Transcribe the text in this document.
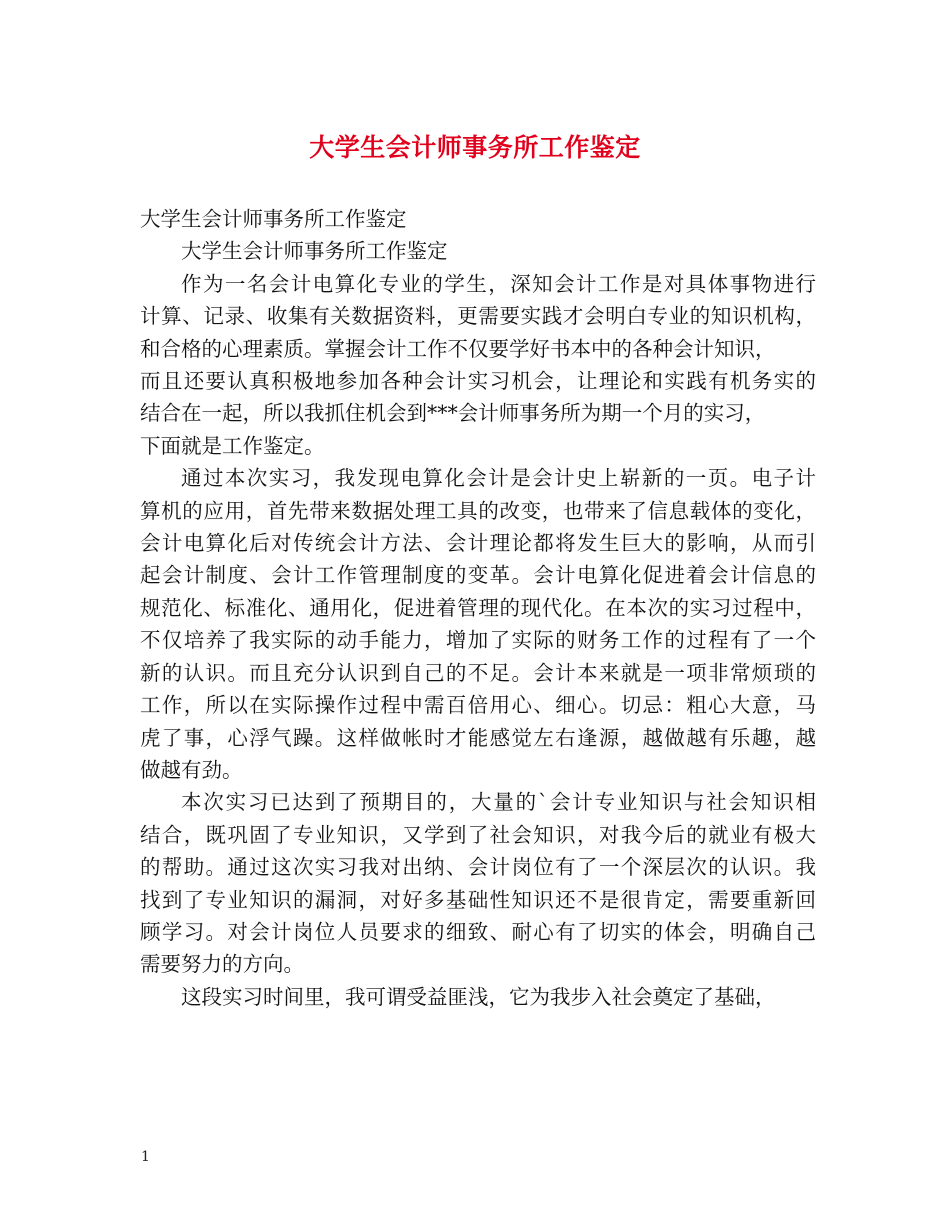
大学生会计师事务所工作鉴定
大学生会计师事务所工作鉴定
大学生会计师事务所工作鉴定
作为一名会计电算化专业的学生，深知会计工作是对具体事物进行
计算、记录、收集有关数据资料，更需要实践才会明白专业的知识机构，
和合格的心理素质。掌握会计工作不仅要学好书本中的各种会计知识，
而且还要认真积极地参加各种会计实习机会，让理论和实践有机务实的
结合在一起，所以我抓住机会到***会计师事务所为期一个月的实习，
下面就是工作鉴定。
通过本次实习，我发现电算化会计是会计史上崭新的一页。电子计
算机的应用，首先带来数据处理工具的改变，也带来了信息载体的变化，
会计电算化后对传统会计方法、会计理论都将发生巨大的影响，从而引
起会计制度、会计工作管理制度的变革。会计电算化促进着会计信息的
规范化、标准化、通用化，促进着管理的现代化。在本次的实习过程中，
不仅培养了我实际的动手能力，增加了实际的财务工作的过程有了一个
新的认识。而且充分认识到自己的不足。会计本来就是一项非常烦琐的
工作，所以在实际操作过程中需百倍用心、细心。切忌：粗心大意，马
虎了事，心浮气躁。这样做帐时才能感觉左右逢源，越做越有乐趣，越
做越有劲。
本次实习已达到了预期目的，大量的`会计专业知识与社会知识相
结合，既巩固了专业知识，又学到了社会知识，对我今后的就业有极大
的帮助。通过这次实习我对出纳、会计岗位有了一个深层次的认识。我
找到了专业知识的漏洞，对好多基础性知识还不是很肯定，需要重新回
顾学习。对会计岗位人员要求的细致、耐心有了切实的体会，明确自己
需要努力的方向。
这段实习时间里，我可谓受益匪浅，它为我步入社会奠定了基础，
1
